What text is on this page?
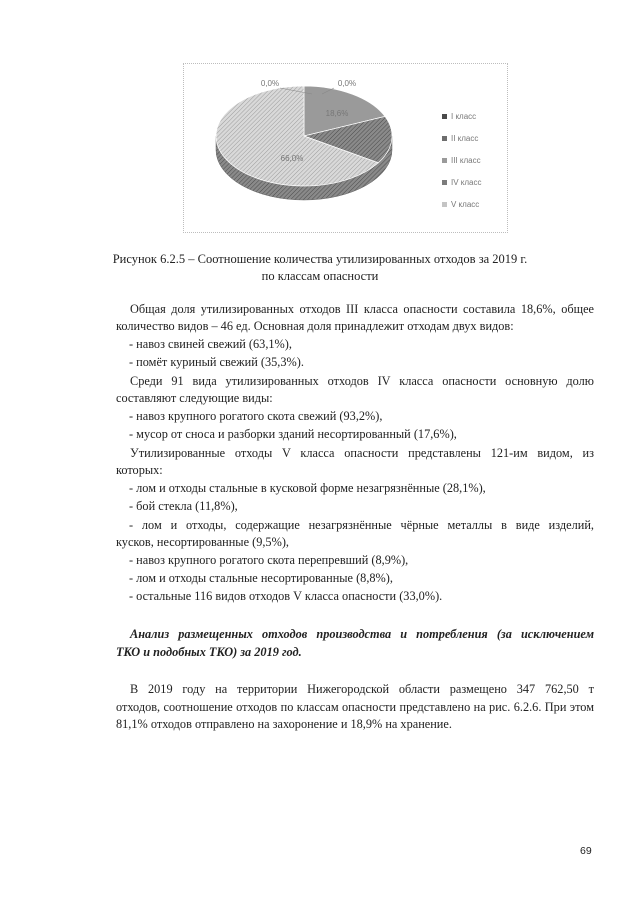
0,0%	0,0%
18,6%
66,0%
I класс
II класс
III класс
IV класс
V класс
Рисунок 6.2.5 – Соотношение количества утилизированных отходов за 2019 г.
по классам опасности
Общая доля утилизированных отходов III класса опасности составила 18,6%, общее
количество видов – 46 ед. Основная доля принадлежит отходам двух видов:
- навоз свиней свежий (63,1%),
- помёт куриный свежий (35,3%).
Среди 91 вида утилизированных отходов IV класса опасности основную долю
составляют следующие виды:
- навоз крупного рогатого скота свежий (93,2%),
- мусор от сноса и разборки зданий несортированный (17,6%),
Утилизированные отходы V класса опасности представлены 121-им видом, из
которых:
- лом и отходы стальные в кусковой форме незагрязнённые (28,1%),
- бой стекла (11,8%),
- лом и отходы, содержащие незагрязнённые чёрные металлы в виде изделий,
кусков, несортированные (9,5%),
- навоз крупного рогатого скота перепревший (8,9%),
- лом и отходы стальные несортированные (8,8%),
- остальные 116 видов отходов V класса опасности (33,0%).
Анализ размещенных отходов производства и потребления (за исключением
ТКО и подобных ТКО) за 2019 год.
В 2019 году на территории Нижегородской области размещено 347 762,50 т
отходов, соотношение отходов по классам опасности представлено на рис. 6.2.6. При этом
81,1% отходов отправлено на захоронение и 18,9% на хранение.
69
